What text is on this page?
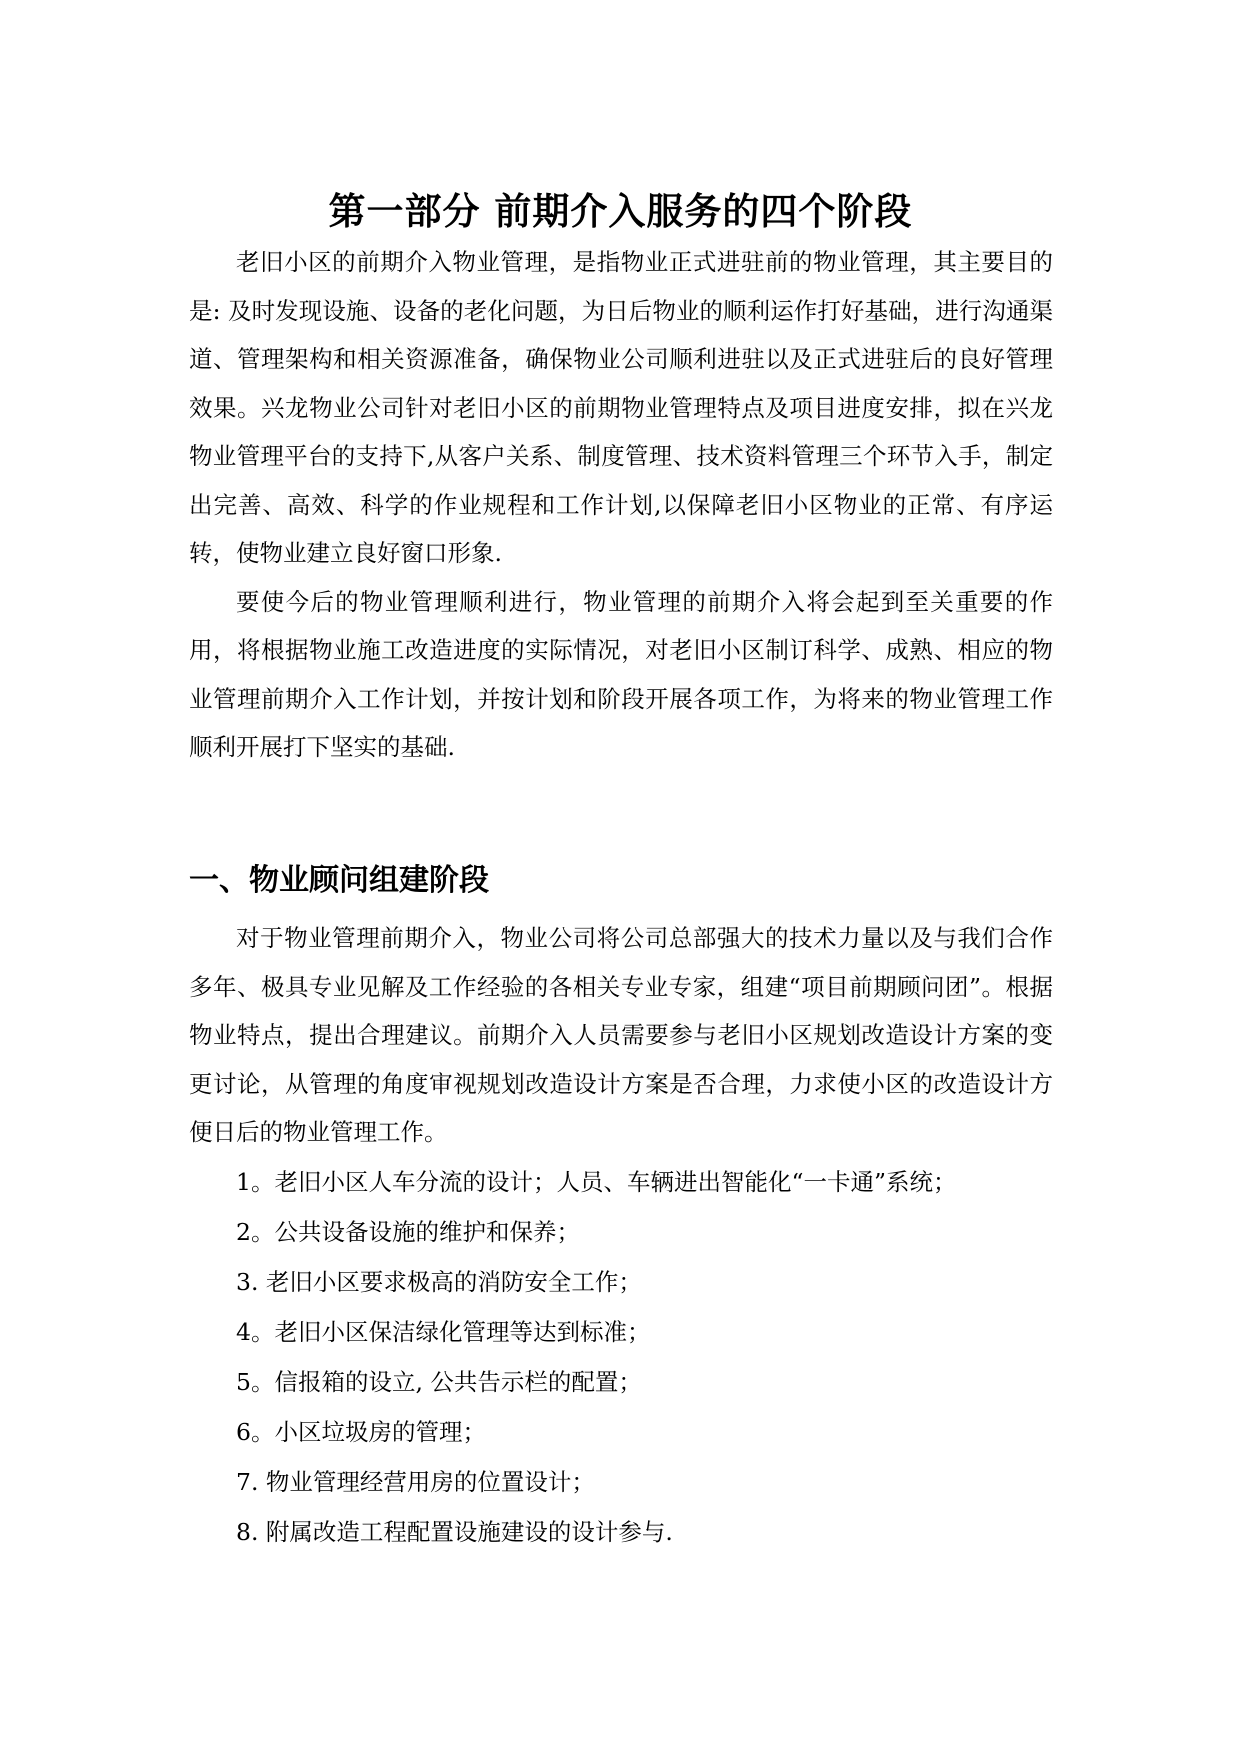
第一部分 前期介入服务的四个阶段

老旧小区的前期介入物业管理，是指物业正式进驻前的物业管理，其主要目的是: 及时发现设施、设备的老化问题，为日后物业的顺利运作打好基础，进行沟通渠道、管理架构和相关资源准备，确保物业公司顺利进驻以及正式进驻后的良好管理效果。兴龙物业公司针对老旧小区的前期物业管理特点及项目进度安排，拟在兴龙物业管理平台的支持下,从客户关系、制度管理、技术资料管理三个环节入手，制定出完善、高效、科学的作业规程和工作计划,以保障老旧小区物业的正常、有序运转，使物业建立良好窗口形象.

要使今后的物业管理顺利进行，物业管理的前期介入将会起到至关重要的作用，将根据物业施工改造进度的实际情况，对老旧小区制订科学、成熟、相应的物业管理前期介入工作计划，并按计划和阶段开展各项工作，为将来的物业管理工作顺利开展打下坚实的基础.

一、物业顾问组建阶段

对于物业管理前期介入，物业公司将公司总部强大的技术力量以及与我们合作多年、极具专业见解及工作经验的各相关专业专家，组建“项目前期顾问团”。根据物业特点，提出合理建议。前期介入人员需要参与老旧小区规划改造设计方案的变更讨论，从管理的角度审视规划改造设计方案是否合理，力求使小区的改造设计方便日后的物业管理工作。

1。老旧小区人车分流的设计；人员、车辆进出智能化“一卡通”系统；
2。公共设备设施的维护和保养；
3. 老旧小区要求极高的消防安全工作；
4。老旧小区保洁绿化管理等达到标准；
5。信报箱的设立, 公共告示栏的配置；
6。小区垃圾房的管理；
7. 物业管理经营用房的位置设计；
8. 附属改造工程配置设施建设的设计参与.
